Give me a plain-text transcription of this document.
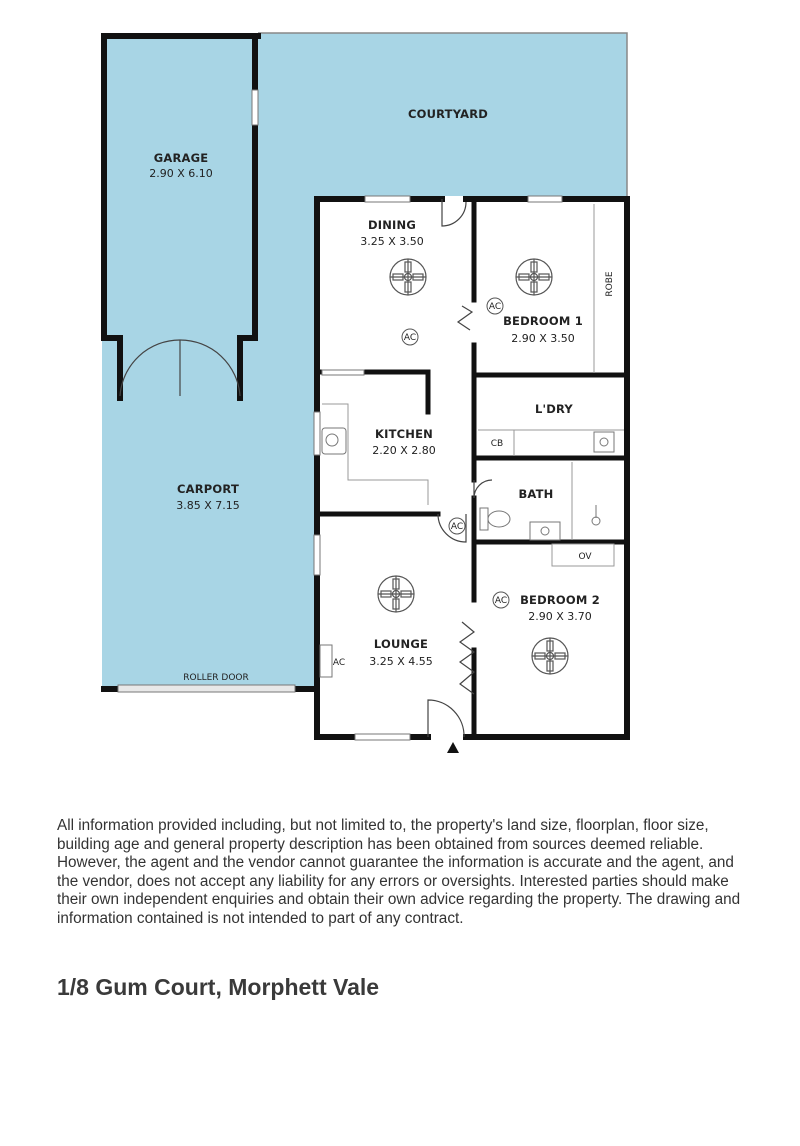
AC
AC
AC
AC
COURTYARD
GARAGE
2.90 X 6.10
DINING
3.25 X 3.50
BEDROOM 1
2.90 X 3.50
ROBE
L'DRY
CB
KITCHEN
2.20 X 2.80
BATH
CARPORT
3.85 X 7.15
OV
BEDROOM 2
2.90 X 3.70
LOUNGE
3.25 X 4.55
AC
ROLLER DOOR

All information provided including, but not limited to, the property's land size, floorplan, floor size, building age and general property description has been obtained from sources deemed reliable. However, the agent and the vendor cannot guarantee the information is accurate and the agent, and the vendor, does not accept any liability for any errors or oversights. Interested parties should make their own independent enquiries and obtain their own advice regarding the property. The drawing and information contained is not intended to part of any contract.

1/8 Gum Court, Morphett Vale
